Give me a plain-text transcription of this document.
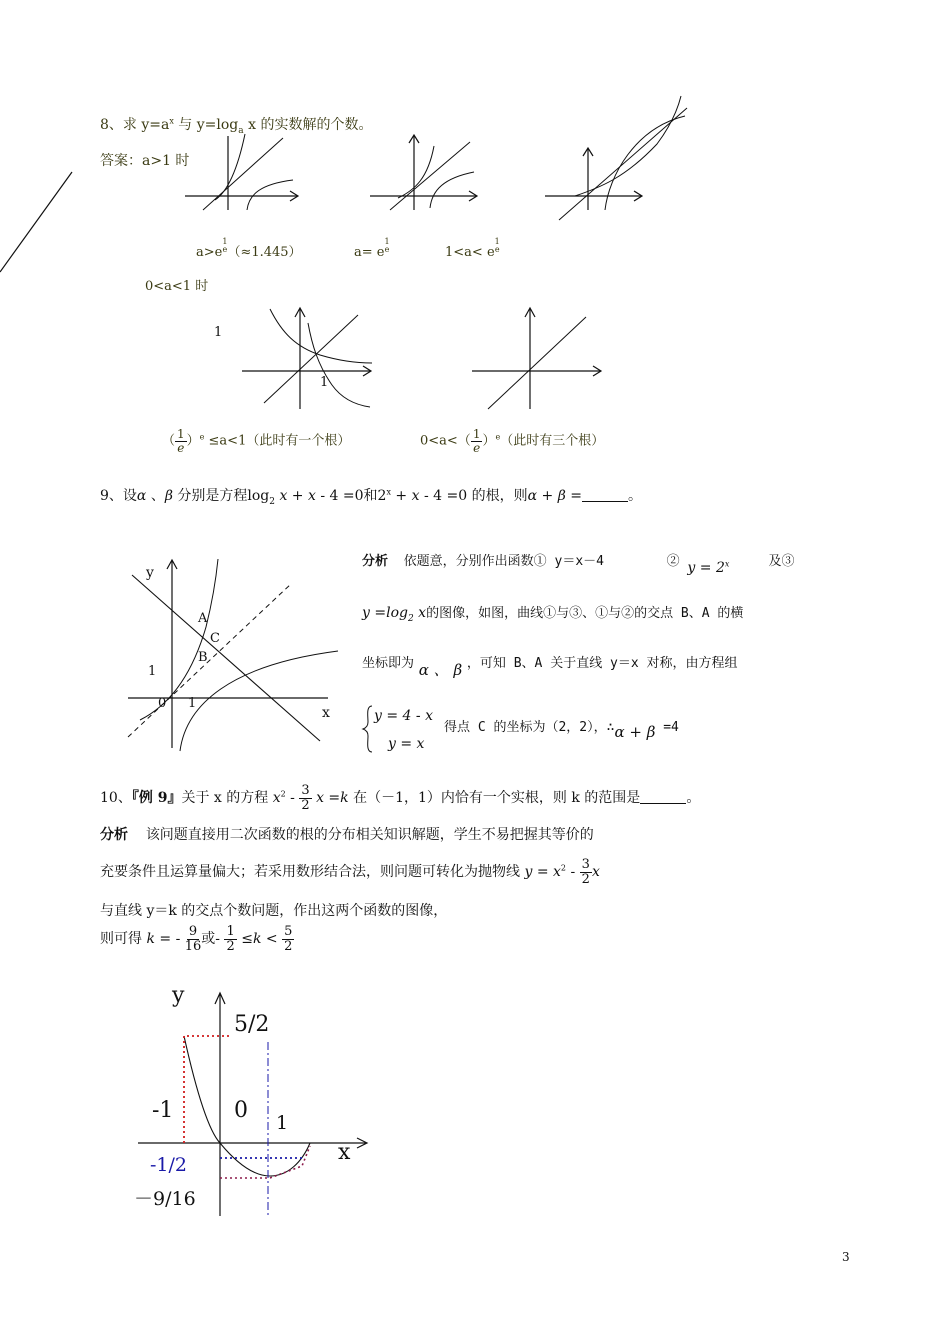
8、求 $y=a^x$ 与 $y=\log_a$ x 的实数解的个数。
答案：a>1 时
a>e1
e（≈1.445）	a= e1
e	1<a< e1
e
0<a<1 时
1
1
（ $\frac{1}{e} )^e \le a<1$（此时有一个根）	$0<a<( \frac{1}{e} )^e$（此时有三个根）
9、设α 、β 分别是方程$\log_2 x + x - 4 =0$和$2^x + x - 4 =0$ 的根，则α + β =	。
y
x
A
C
B
1
0 1
分析  依题意，分别作出函数① y＝x－4        ② $y = 2^x$     及③
$y =\log_2$ x的图像，如图，曲线①与③、①与②的交点 B、A 的横
坐标即为 α 、 β ，可知 B、A 关于直线 y＝x 对称，由方程组
y = 4 - x
y = x
得点 C 的坐标为（2，2），∴α + β =4
10、『例 9』关于 x 的方程 $x^2 - \frac{3}{2}$ x =k 在（－1，1）内恰有一个实根，则 k 的范围是	。
分析 该问题直接用二次函数的根的分布相关知识解题，学生不易把握其等价的
充要条件且运算量偏大；若采用数形结合法，则问题可转化为抛物线 $y = x^2 - \frac{3}{2}$ x
与直线 y＝k 的交点个数问题，作出这两个函数的图像，
则可得 k = - $\frac{9}{16}$ 或- $\frac{1}{2} \le k < \frac{5}{2}$
y
x
5/2
-1	0 1
-1/2
－9/16
3
